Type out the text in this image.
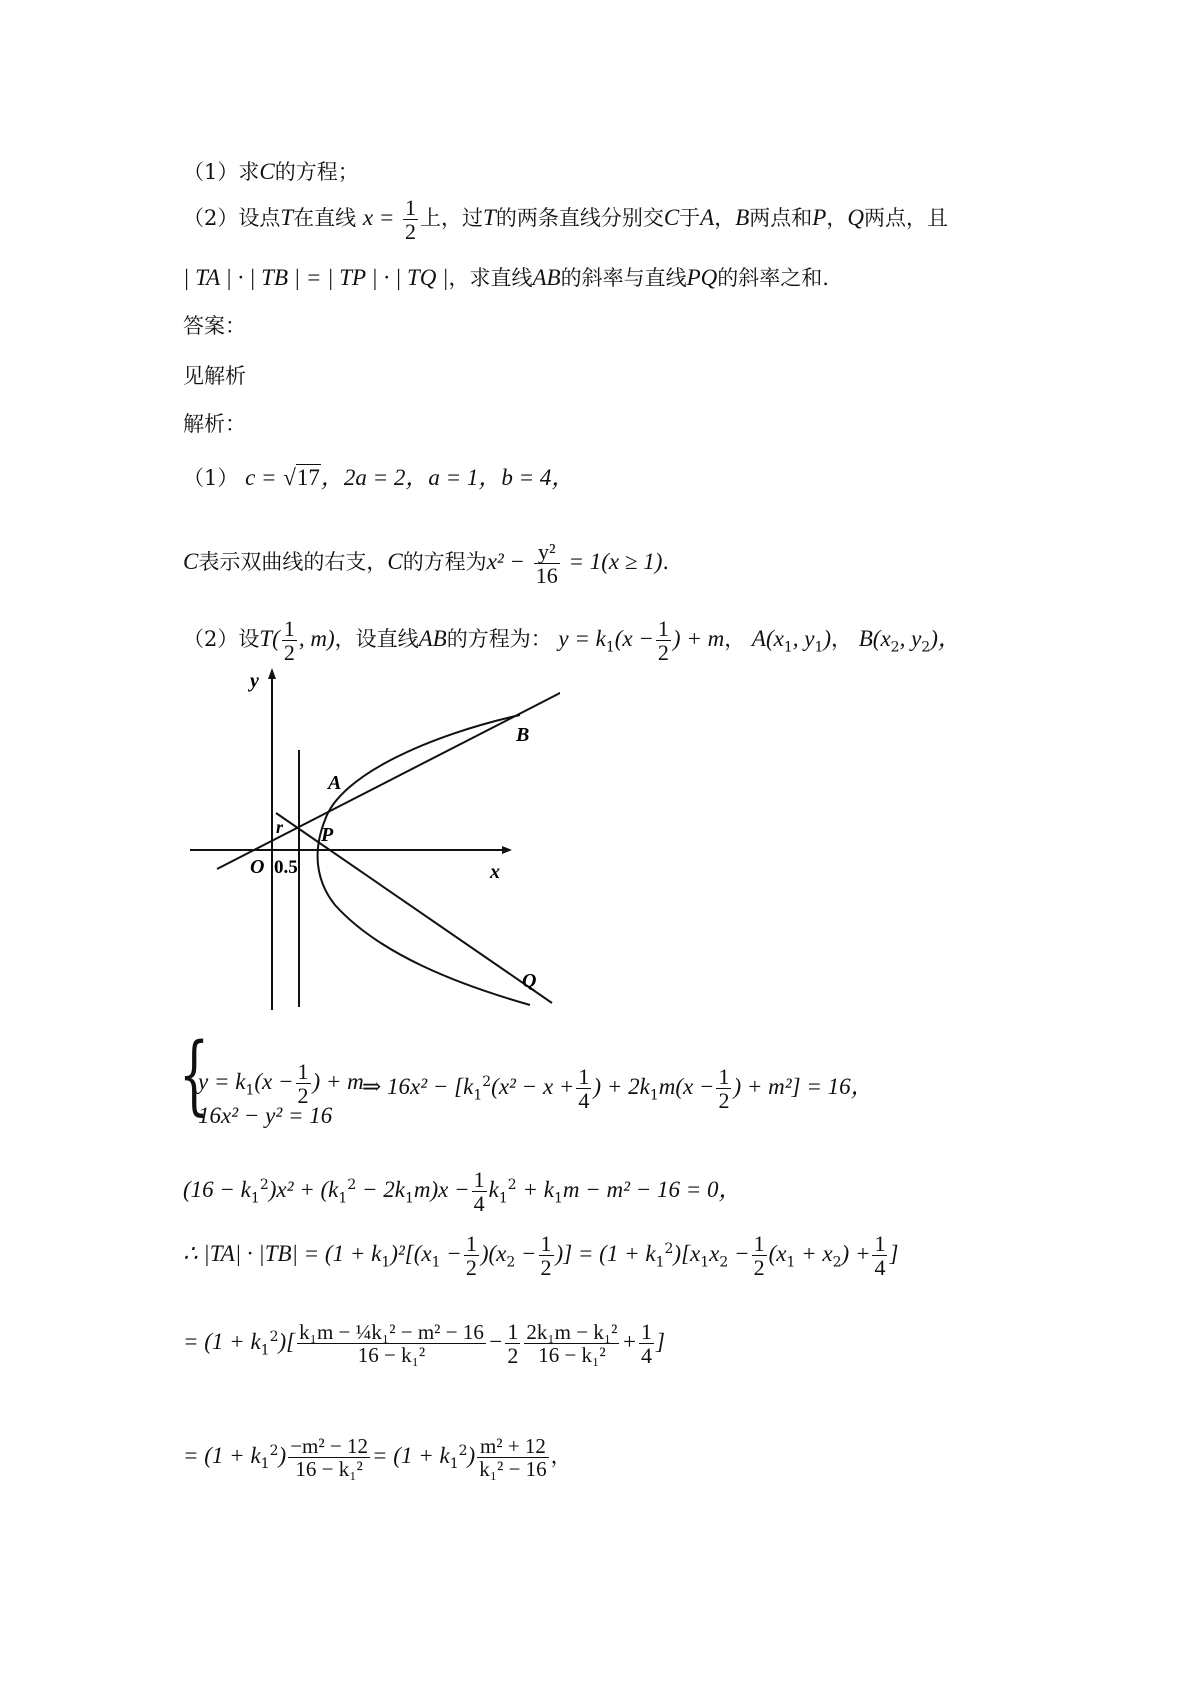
（1）求C的方程；
（2）设点T在直线 $x = \frac{1}{2}$ 上，过T的两条直线分别交C于A，B两点和P，Q两点，且
| TA | · | TB | = | TP | · | TQ |，求直线AB的斜率与直线PQ的斜率之和.
答案：
见解析
解析：
（1） c = √17，2a = 2，a = 1，b = 4，
C表示双曲线的右支，C的方程为$x^2 - \frac{\text{y²}}{16} = 1(x \ge 1)$.
（2）设$T( \frac{1}{2}$ , m)，设直线AB的方程为： $y = k_1(x - \frac{1}{2}$ ) + m， $A(x_1$, $y_1$)， $B(x_2$, $y_2$)，
y
x
O 0.5
r P
A
B
Q
{
$y = k_1(x - \frac{1}{2}$ ) + m
16x² − y² = 16
⇒ $16x^2 - [k_1^2(x^2 - x + \frac{1}{4}$ ) + $2k_1m(x - \frac{1}{2}$ ) + m²] = 16，
$(16 - k_1^2)x^2 + (k_1^2 - 2k_1m)x - \frac{1}{4} k_1^2 + k_1m - m^2 - 16 = 0$，
∴ $|TA| \cdot |TB| = (1 + k_1)^2[(x_1 - \frac{1}{2} )(x_2 - \frac{1}{2}$ )] = $(1 + k_1^2)[x_1x_2 - \frac{1}{2} (x_1 + x_2) + \frac{1}{4}$ ]
= $(1 + k_1^2)[ \frac{\text{k₁m − ¼k₁² − m² − 16}}{\text{16 − k₁²}} - \frac{1}{2} \frac{\text{2k₁m − k₁²}}{\text{16 − k₁²}} + \frac{1}{4}$ ]
= $(1 + k_1^2) \frac{\text{−m² − 12}}{\text{16 − k₁²}} = (1 + k_1^2) \frac{\text{m² + 12}}{\text{k₁² − 16}}$ ，
